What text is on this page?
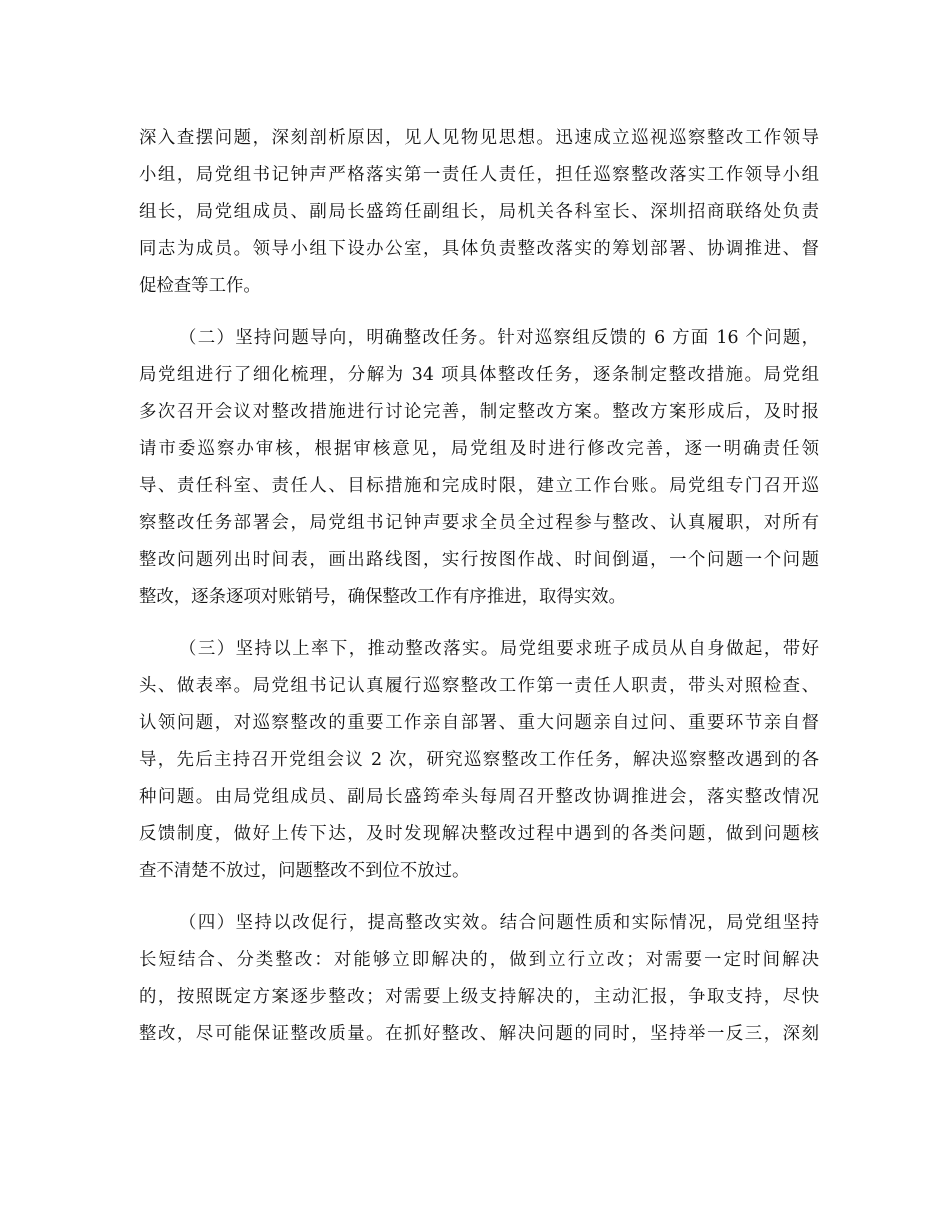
深入查摆问题，深刻剖析原因，见人见物见思想。迅速成立巡视巡察整改工作领导
小组，局党组书记钟声严格落实第一责任人责任，担任巡察整改落实工作领导小组
组长，局党组成员、副局长盛筠任副组长，局机关各科室长、深圳招商联络处负责
同志为成员。领导小组下设办公室，具体负责整改落实的筹划部署、协调推进、督
促检查等工作。
（二）坚持问题导向，明确整改任务。针对巡察组反馈的 6 方面 16 个问题，
局党组进行了细化梳理，分解为 34 项具体整改任务，逐条制定整改措施。局党组
多次召开会议对整改措施进行讨论完善，制定整改方案。整改方案形成后，及时报
请市委巡察办审核，根据审核意见，局党组及时进行修改完善，逐一明确责任领
导、责任科室、责任人、目标措施和完成时限，建立工作台账。局党组专门召开巡
察整改任务部署会，局党组书记钟声要求全员全过程参与整改、认真履职，对所有
整改问题列出时间表，画出路线图，实行按图作战、时间倒逼，一个问题一个问题
整改，逐条逐项对账销号，确保整改工作有序推进，取得实效。
（三）坚持以上率下，推动整改落实。局党组要求班子成员从自身做起，带好
头、做表率。局党组书记认真履行巡察整改工作第一责任人职责，带头对照检查、
认领问题，对巡察整改的重要工作亲自部署、重大问题亲自过问、重要环节亲自督
导，先后主持召开党组会议 2 次，研究巡察整改工作任务，解决巡察整改遇到的各
种问题。由局党组成员、副局长盛筠牵头每周召开整改协调推进会，落实整改情况
反馈制度，做好上传下达，及时发现解决整改过程中遇到的各类问题，做到问题核
查不清楚不放过，问题整改不到位不放过。
（四）坚持以改促行，提高整改实效。结合问题性质和实际情况，局党组坚持
长短结合、分类整改：对能够立即解决的，做到立行立改；对需要一定时间解决
的，按照既定方案逐步整改；对需要上级支持解决的，主动汇报，争取支持，尽快
整改，尽可能保证整改质量。在抓好整改、解决问题的同时，坚持举一反三，深刻
